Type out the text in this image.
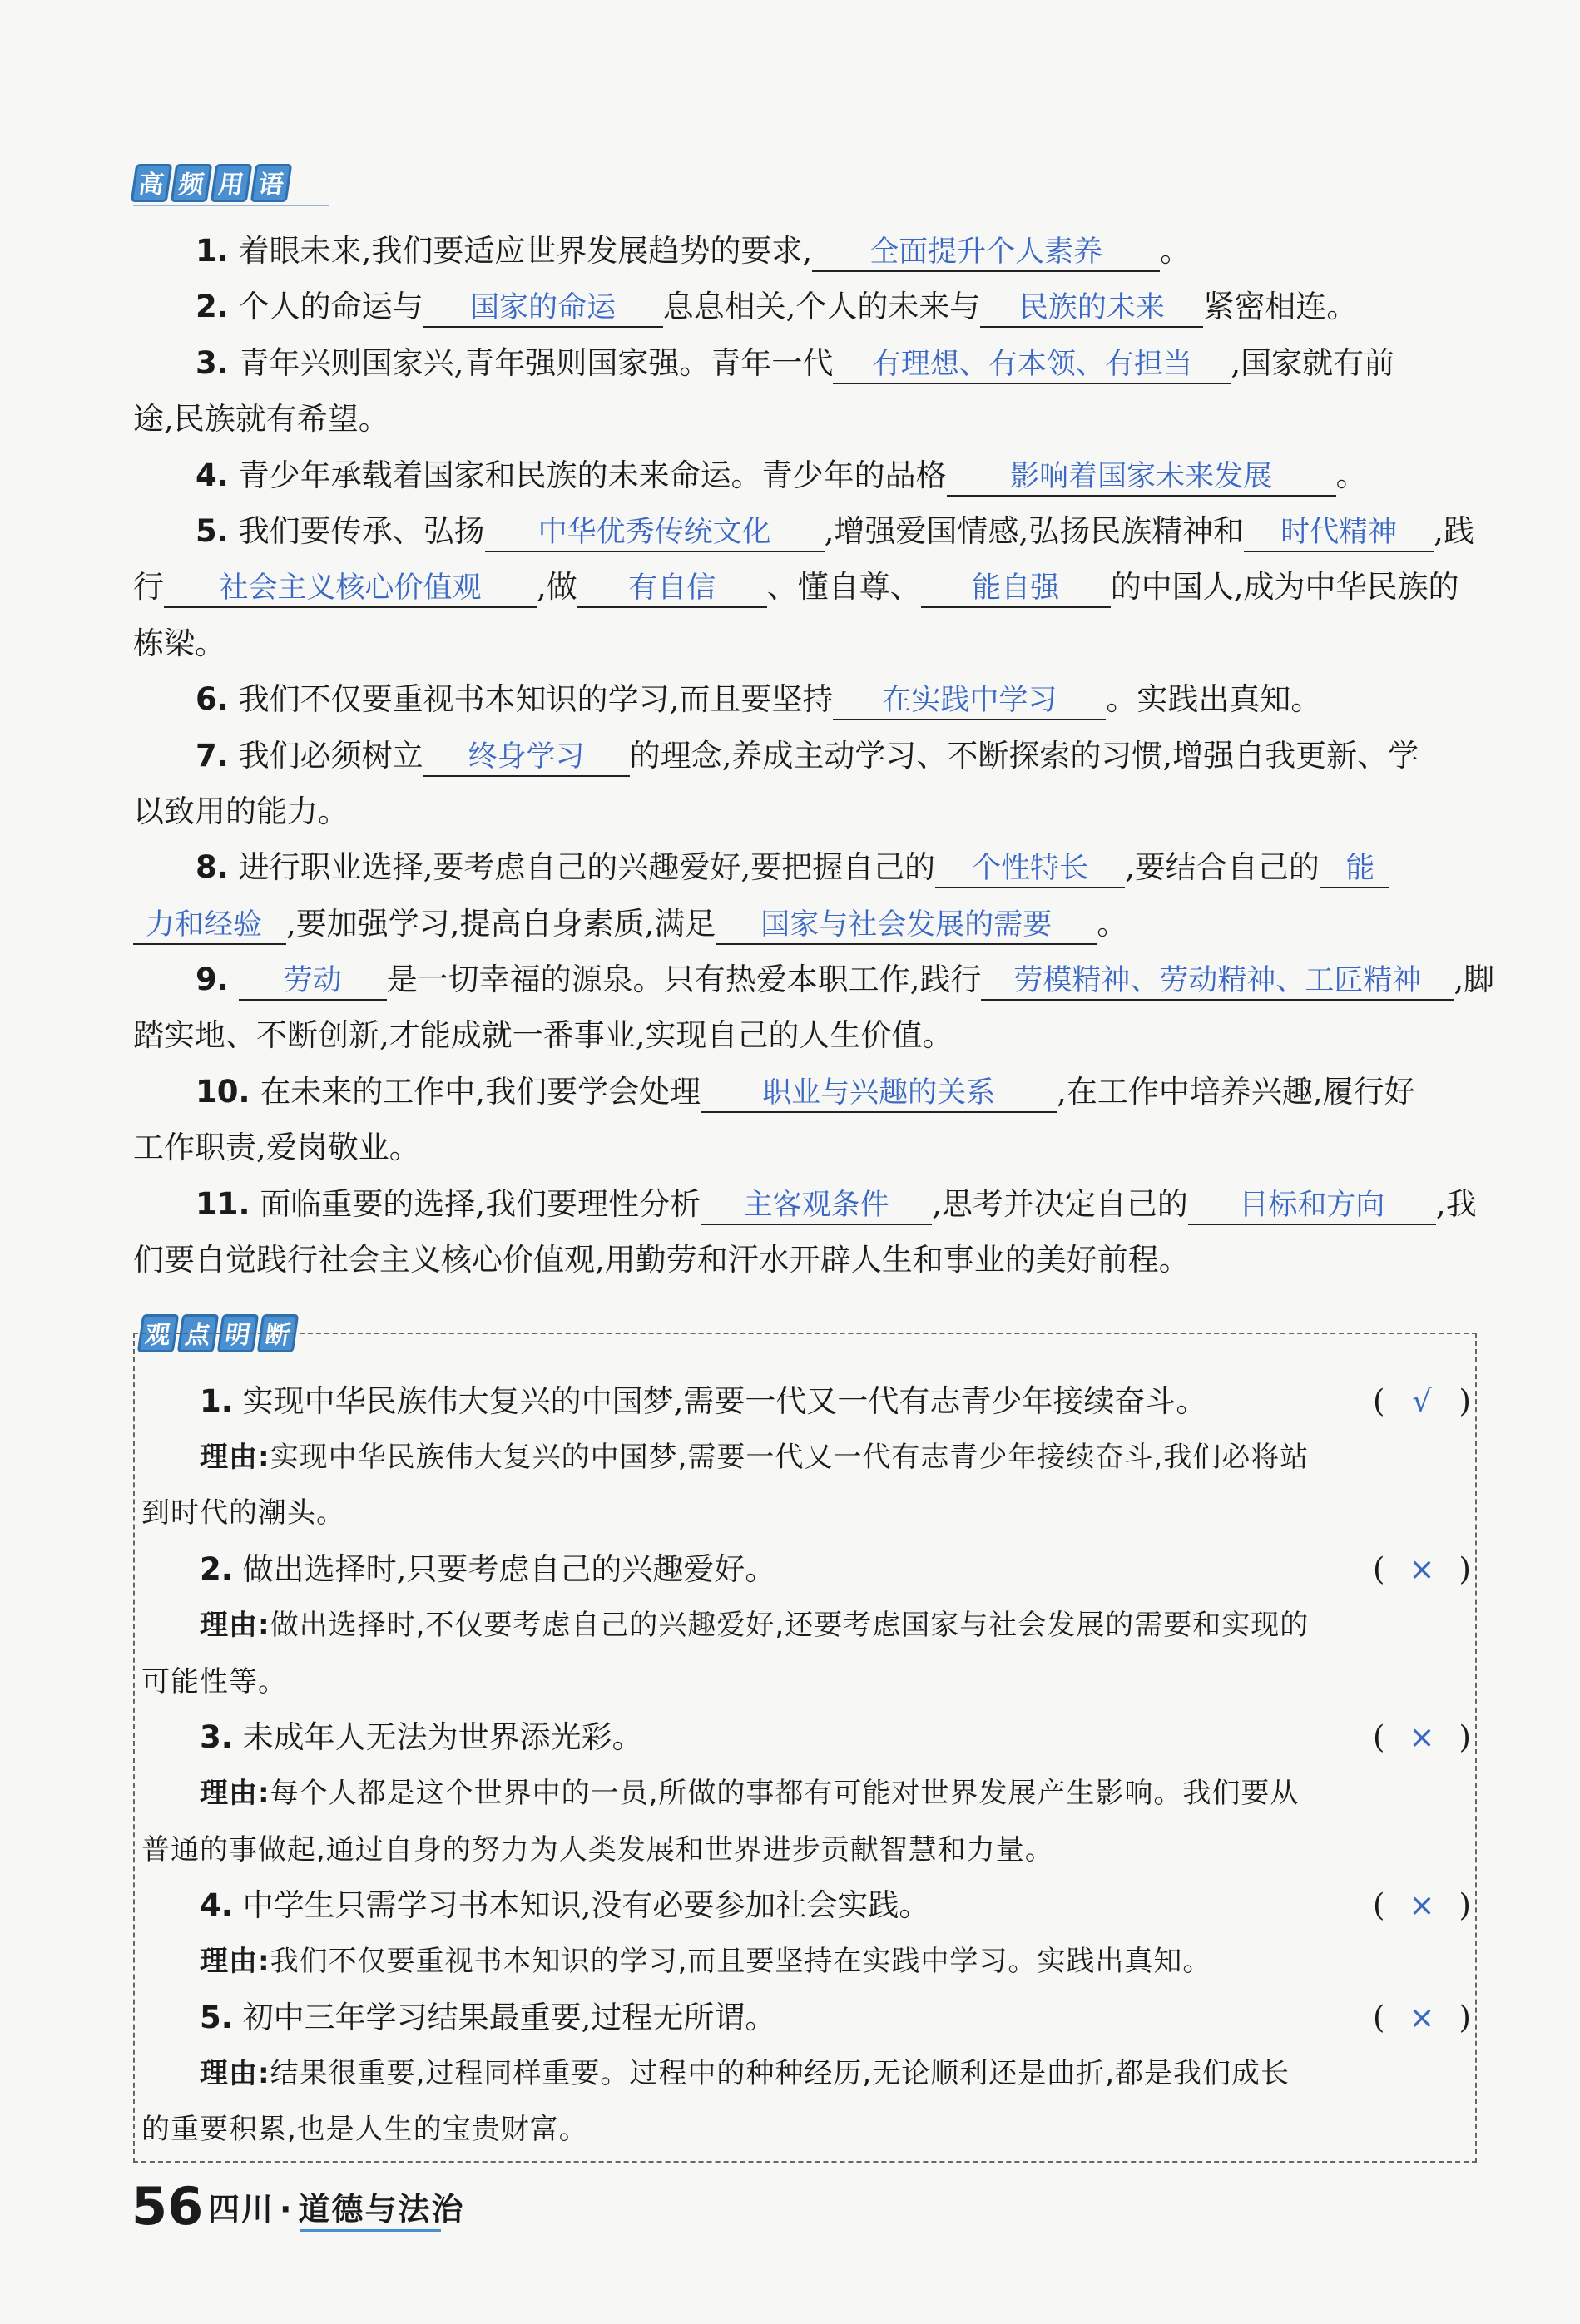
高 频 用 语
1. 着眼未来,我们要适应世界发展趋势的要求, 全面提升个人素养 。
2. 个人的命运与 国家的命运 息息相关,个人的未来与 民族的未来 紧密相连。
3. 青年兴则国家兴,青年强则国家强。青年一代 有理想、有本领、有担当 ,国家就有前
途,民族就有希望。
4. 青少年承载着国家和民族的未来命运。青少年的品格 影响着国家未来发展 。
5. 我们要传承、弘扬 中华优秀传统文化 ,增强爱国情感,弘扬民族精神和 时代精神 ,践
行 社会主义核心价值观 ,做 有自信 、懂自尊、 能自强 的中国人,成为中华民族的
栋梁。
6. 我们不仅要重视书本知识的学习,而且要坚持 在实践中学习 。实践出真知。
7. 我们必须树立 终身学习 的理念,养成主动学习、不断探索的习惯,增强自我更新、学
以致用的能力。
8. 进行职业选择,要考虑自己的兴趣爱好,要把握自己的 个性特长 ,要结合自己的 能
力和经验 ,要加强学习,提高自身素质,满足 国家与社会发展的需要 。
9. 劳动 是一切幸福的源泉。只有热爱本职工作,践行 劳模精神、劳动精神、工匠精神 ,脚
踏实地、不断创新,才能成就一番事业,实现自己的人生价值。
10. 在未来的工作中,我们要学会处理 职业与兴趣的关系 ,在工作中培养兴趣,履行好
工作职责,爱岗敬业。
11. 面临重要的选择,我们要理性分析 主客观条件 ,思考并决定自己的 目标和方向 ,我
们要自觉践行社会主义核心价值观,用勤劳和汗水开辟人生和事业的美好前程。
观 点 明 断
1. 实现中华民族伟大复兴的中国梦,需要一代又一代有志青少年接续奋斗。	( √ )
理由:实现中华民族伟大复兴的中国梦,需要一代又一代有志青少年接续奋斗,我们必将站
到时代的潮头。
2. 做出选择时,只要考虑自己的兴趣爱好。	( × )
理由:做出选择时,不仅要考虑自己的兴趣爱好,还要考虑国家与社会发展的需要和实现的
可能性等。
3. 未成年人无法为世界添光彩。	( × )
理由:每个人都是这个世界中的一员,所做的事都有可能对世界发展产生影响。我们要从
普通的事做起,通过自身的努力为人类发展和世界进步贡献智慧和力量。
4. 中学生只需学习书本知识,没有必要参加社会实践。	( × )
理由:我们不仅要重视书本知识的学习,而且要坚持在实践中学习。实践出真知。
5. 初中三年学习结果最重要,过程无所谓。	( × )
理由:结果很重要,过程同样重要。过程中的种种经历,无论顺利还是曲折,都是我们成长
的重要积累,也是人生的宝贵财富。
56 四川 · 道德与法治
